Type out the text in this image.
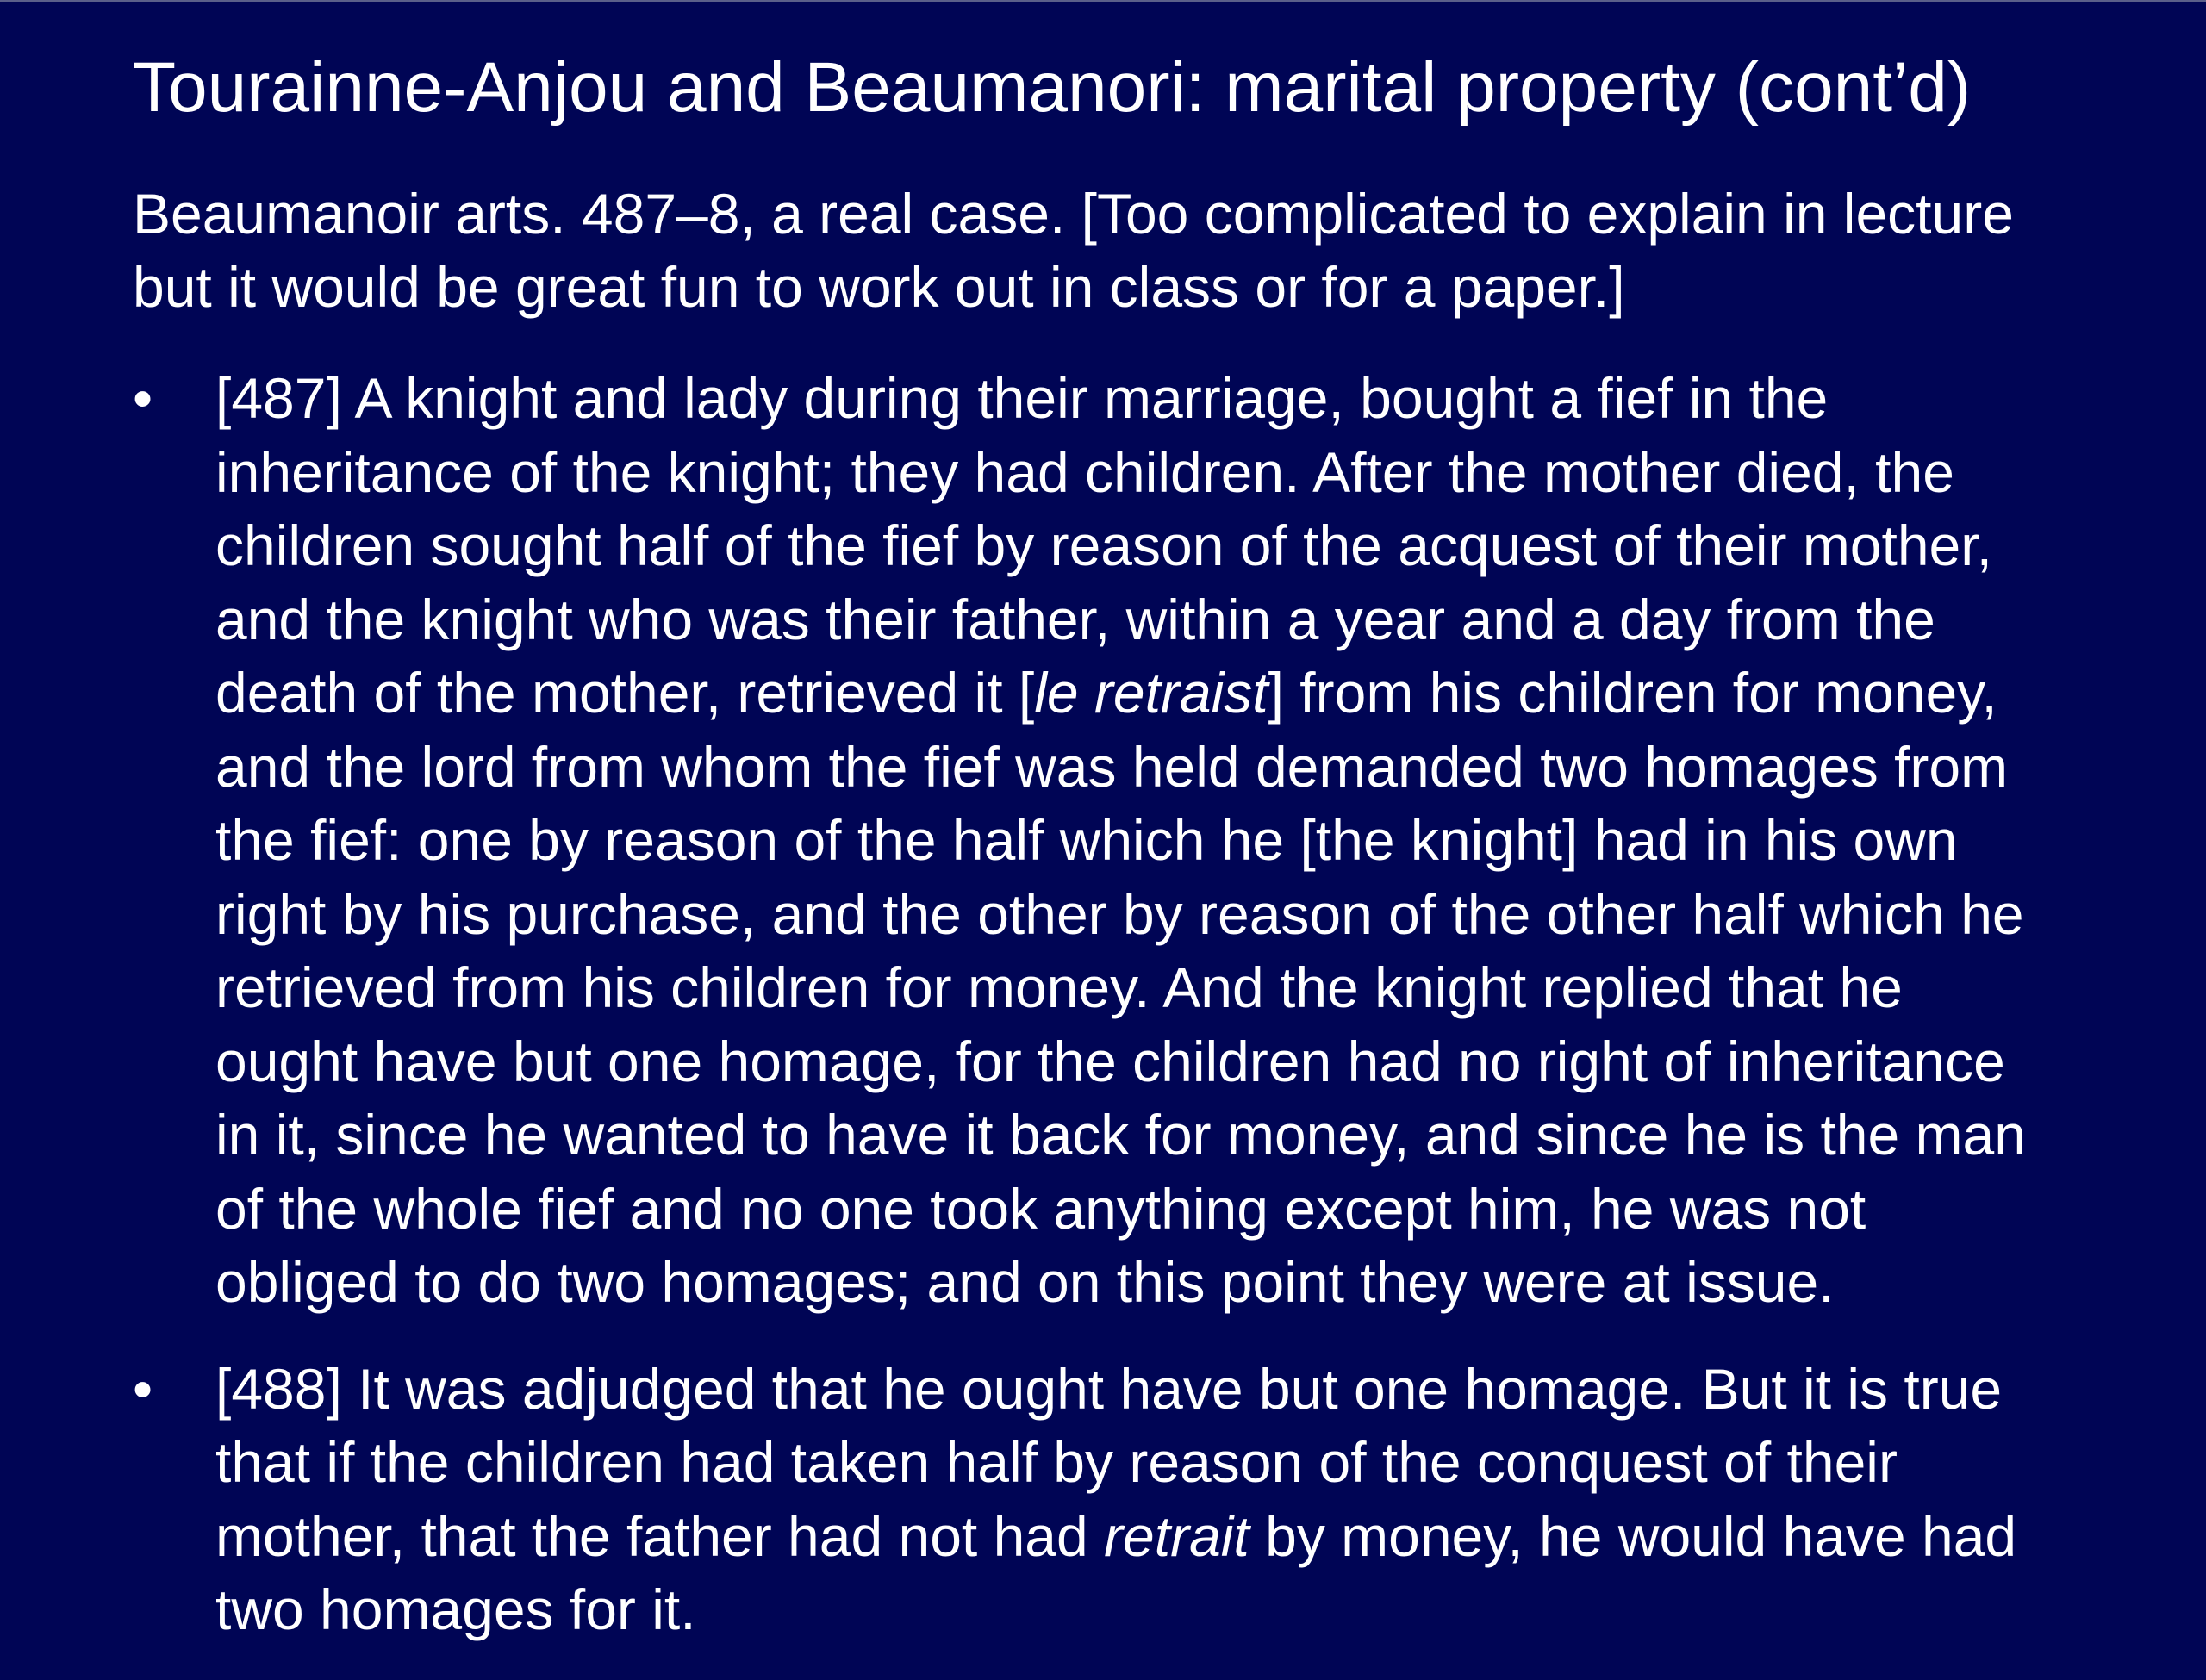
Tourainne-Anjou and Beaumanori: marital property (cont’d)

Beaumanoir arts. 487–8, a real case. [Too complicated to explain in lecture
but it would be great fun to work out in class or for a paper.]

• [487] A knight and lady during their marriage, bought a fief in the
inheritance of the knight; they had children. After the mother died, the
children sought half of the fief by reason of the acquest of their mother,
and the knight who was their father, within a year and a day from the
death of the mother, retrieved it [le retraist] from his children for money,
and the lord from whom the fief was held demanded two homages from
the fief: one by reason of the half which he [the knight] had in his own
right by his purchase, and the other by reason of the other half which he
retrieved from his children for money. And the knight replied that he
ought have but one homage, for the children had no right of inheritance
in it, since he wanted to have it back for money, and since he is the man
of the whole fief and no one took anything except him, he was not
obliged to do two homages; and on this point they were at issue.
• [488] It was adjudged that he ought have but one homage. But it is true
that if the children had taken half by reason of the conquest of their
mother, that the father had not had retrait by money, he would have had
two homages for it.
